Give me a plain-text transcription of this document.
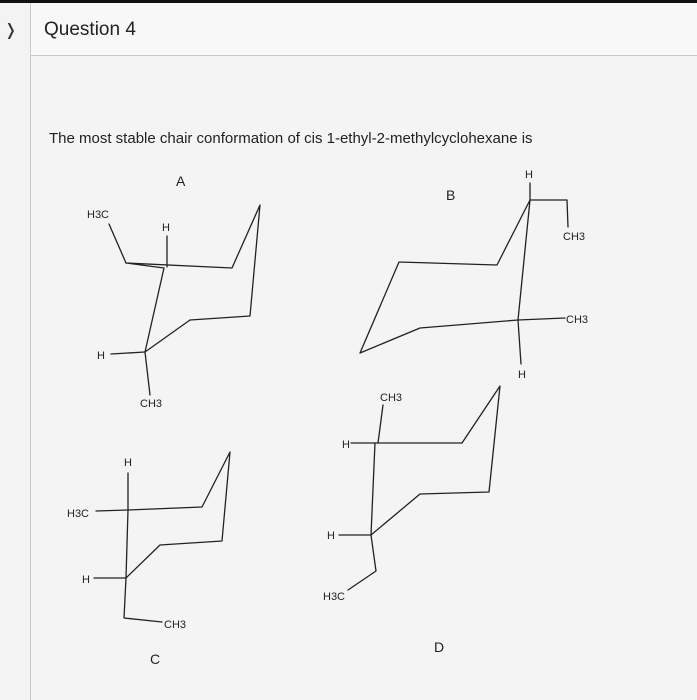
❭ Question 4
The most stable chair conformation of cis 1-ethyl-2-methylcyclohexane is
A
H3C
H
H
CH3
B
H
CH3
CH3
H
H
H3C
H
CH3
C
CH3
H
H
H3C
D
